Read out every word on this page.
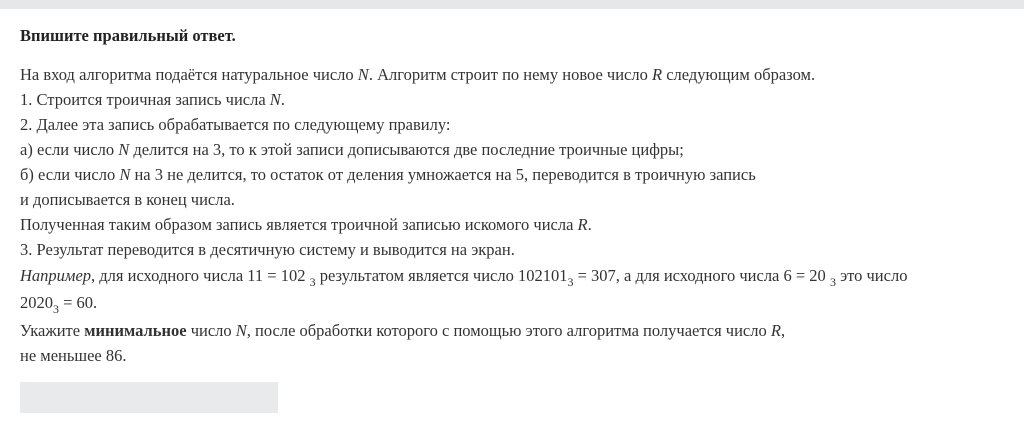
Впишите правильный ответ.
На вход алгоритма подаётся натуральное число N. Алгоритм строит по нему новое число R следующим образом.
1. Строится троичная запись числа N.
2. Далее эта запись обрабатывается по следующему правилу:
а) если число N делится на 3, то к этой записи дописываются две последние троичные цифры;
б) если число N на 3 не делится, то остаток от деления умножается на 5, переводится в троичную запись
и дописывается в конец числа.
Полученная таким образом запись является троичной записью искомого числа R.
3. Результат переводится в десятичную систему и выводится на экран.
Например, для исходного числа 11 = 102 $_3$ результатом является число $102101_3 = 307$, а для исходного числа 6 = 20 $_3$ это число
$2020_3 = 60$.
Укажите минимальное число N, после обработки которого с помощью этого алгоритма получается число R,
не меньшее 86.
